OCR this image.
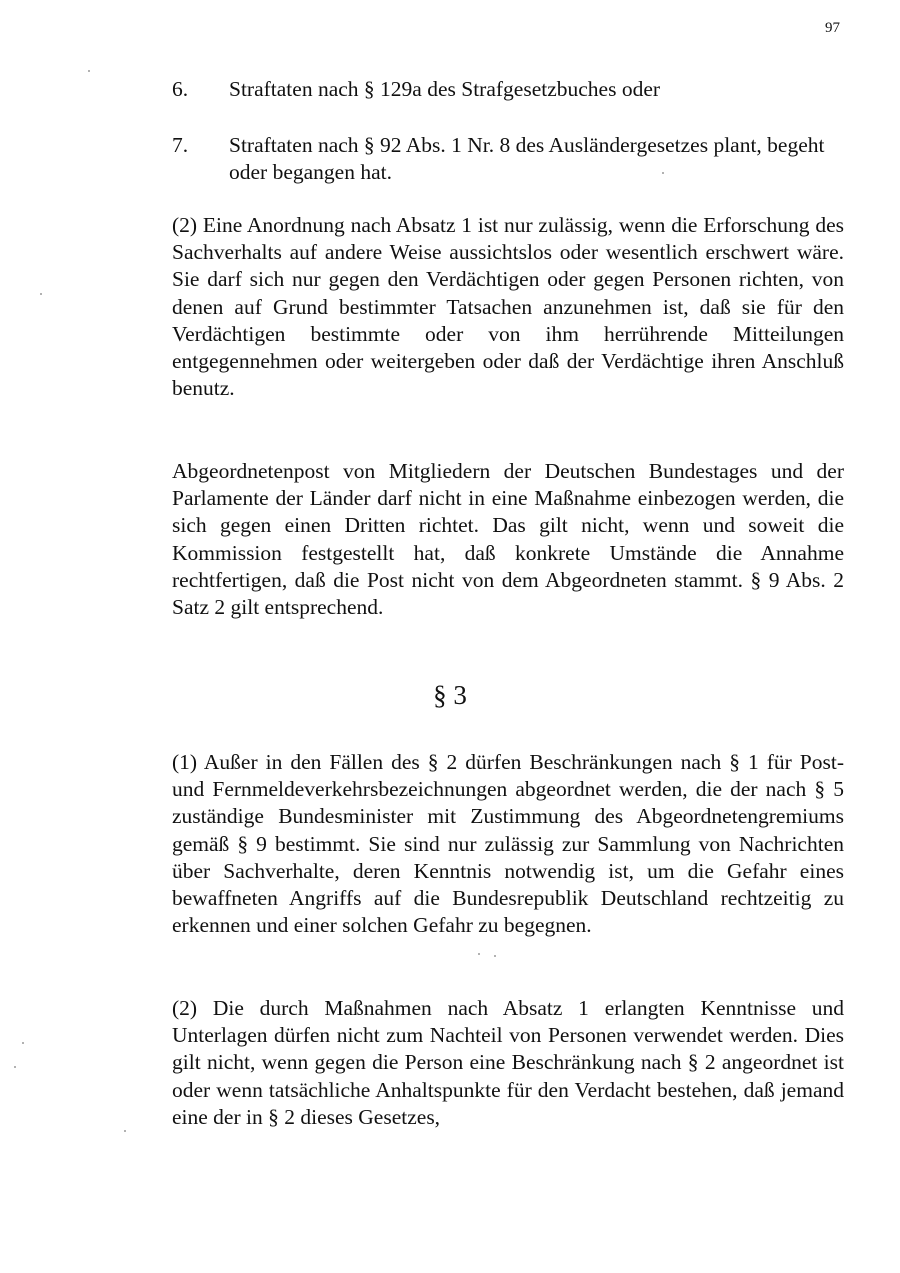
97
6. Straftaten nach § 129a des Strafgesetzbuches oder
7. Straftaten nach § 92 Abs. 1 Nr. 8 des Ausländergesetzes plant, begeht oder begangen hat.

(2) Eine Anordnung nach Absatz 1 ist nur zulässig, wenn die Erforschung des Sachverhalts auf andere Weise aussichtslos oder wesentlich erschwert wäre. Sie darf sich nur gegen den Verdächtigen oder gegen Personen richten, von denen auf Grund bestimmter Tatsachen anzunehmen ist, daß sie für den Verdächtigen bestimmte oder von ihm herrührende Mitteilungen entgegennehmen oder weitergeben oder daß der Verdächtige ihren Anschluß benutz.

Abgeordnetenpost von Mitgliedern der Deutschen Bundestages und der Parlamente der Länder darf nicht in eine Maßnahme einbezogen werden, die sich gegen einen Dritten richtet. Das gilt nicht, wenn und soweit die Kommission festgestellt hat, daß konkrete Umstände die Annahme rechtfertigen, daß die Post nicht von dem Abgeordneten stammt. § 9 Abs. 2 Satz 2 gilt entsprechend.

§ 3

(1) Außer in den Fällen des § 2 dürfen Beschränkungen nach § 1 für Post- und Fernmeldeverkehrsbezeichnungen abgeordnet werden, die der nach § 5 zuständige Bundesminister mit Zustimmung des Abgeordnetengremiums gemäß § 9 bestimmt. Sie sind nur zulässig zur Sammlung von Nachrichten über Sachverhalte, deren Kenntnis notwendig ist, um die Gefahr eines bewaffneten Angriffs auf die Bundesrepublik Deutschland rechtzeitig zu erkennen und einer solchen Gefahr zu begegnen.

(2) Die durch Maßnahmen nach Absatz 1 erlangten Kenntnisse und Unterlagen dürfen nicht zum Nachteil von Personen verwendet werden. Dies gilt nicht, wenn gegen die Person eine Beschränkung nach § 2 angeordnet ist oder wenn tatsächliche Anhaltspunkte für den Verdacht bestehen, daß jemand eine der in § 2 dieses Gesetzes,
